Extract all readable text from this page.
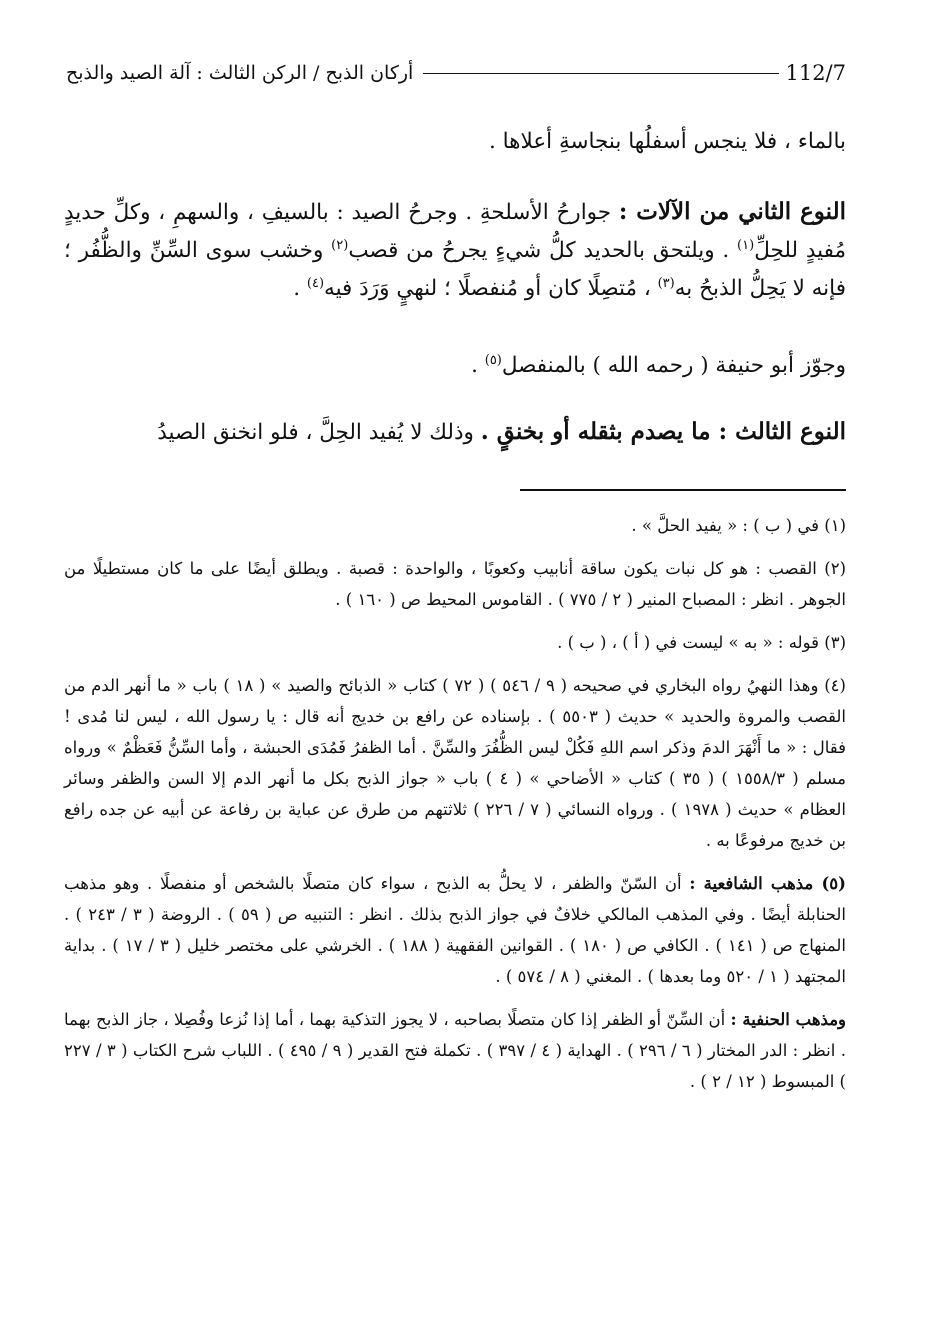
112/7
أركان الذبح / الركن الثالث : آلة الصيد والذبح
بالماء ، فلا ينجس أسفلُها بنجاسةِ أعلاها .
النوع الثاني من الآلات : جوارحُ الأسلحةِ . وجرحُ الصيد : بالسيفِ ، والسهمِ ، وكلِّ حديدٍ مُفيدٍ للحِلِّ$^{(١)}$ . ويلتحق بالحديد كلُّ شيءٍ يجرحُ من قصب$^{(٢)}$ وخشب سوى السِّنِّ والظُّفُر ؛ فإنه لا يَحِلُّ الذبحُ به$^{(٣)}$ ، مُتصِلًا كان أو مُنفصلًا ؛ لنهيٍ وَرَدَ فيه$^{(٤)}$ .
وجوّز أبو حنيفة ( رحمه الله ) بالمنفصل$^{(٥)}$ .
النوع الثالث : ما يصدم بثقله أو بخنقٍ . وذلك لا يُفيد الحِلَّ ، فلو انخنق الصيدُ

(١) في ( ب ) : « يفيد الحلَّ » .

(٢) القصب : هو كل نبات يكون ساقة أنابيب وكعوبًا ، والواحدة : قصبة . ويطلق أيضًا على ما كان مستطيلًا من الجوهر . انظر : المصباح المنير ( ٢ / ٧٧٥ ) . القاموس المحيط ص ( ١٦٠ ) .

(٣) قوله : « به » ليست في ( أ ) ، ( ب ) .

(٤) وهذا النهيُ رواه البخاري في صحيحه ( ٩ / ٥٤٦ ) ( ٧٢ ) كتاب « الذبائح والصيد » ( ١٨ ) باب « ما أنهر الدم من القصب والمروة والحديد » حديث ( ٥٥٠٣ ) . بإسناده عن رافع بن خديج أنه قال : يا رسول الله ، ليس لنا مُدى ! فقال : « ما أَنْهَرَ الدمَ وذكر اسم اللهِ فَكُلْ ليس الظُّفُرَ والسِّنَّ . أما الظفرُ فَمُدَى الحبشة ، وأما السِّنُّ فَعَظْمٌ » ورواه مسلم ( ١٥٥٨/٣ ) ( ٣٥ ) كتاب « الأضاحي » ( ٤ ) باب « جواز الذبح بكل ما أنهر الدم إلا السن والظفر وسائر العظام » حديث ( ١٩٧٨ ) . ورواه النسائي ( ٧ / ٢٢٦ ) ثلاثتهم من طرق عن عباية بن رفاعة عن أبيه عن جده رافع بن خديج مرفوعًا به .

(٥) مذهب الشافعية : أن السّنّ والظفر ، لا يحلُّ به الذبح ، سواء كان متصلًا بالشخص أو منفصلًا . وهو مذهب الحنابلة أيضًا . وفي المذهب المالكي خلافٌ في جواز الذبح بذلك . انظر : التنبيه ص ( ٥٩ ) . الروضة ( ٣ / ٢٤٣ ) . المنهاج ص ( ١٤١ ) . الكافي ص ( ١٨٠ ) . القوانين الفقهية ( ١٨٨ ) . الخرشي على مختصر خليل ( ٣ / ١٧ ) . بداية المجتهد ( ١ / ٥٢٠ وما بعدها ) . المغني ( ٨ / ٥٧٤ ) .

ومذهب الحنفية : أن السِّنّ أو الظفر إذا كان متصلًا بصاحبه ، لا يجوز التذكية بهما ، أما إذا نُزعا وفُصِلا ، جاز الذبح بهما . انظر : الدر المختار ( ٦ / ٢٩٦ ) . الهداية ( ٤ / ٣٩٧ ) . تكملة فتح القدير ( ٩ / ٤٩٥ ) . اللباب شرح الكتاب ( ٣ / ٢٢٧ ) المبسوط ( ١٢ / ٢ ) .
